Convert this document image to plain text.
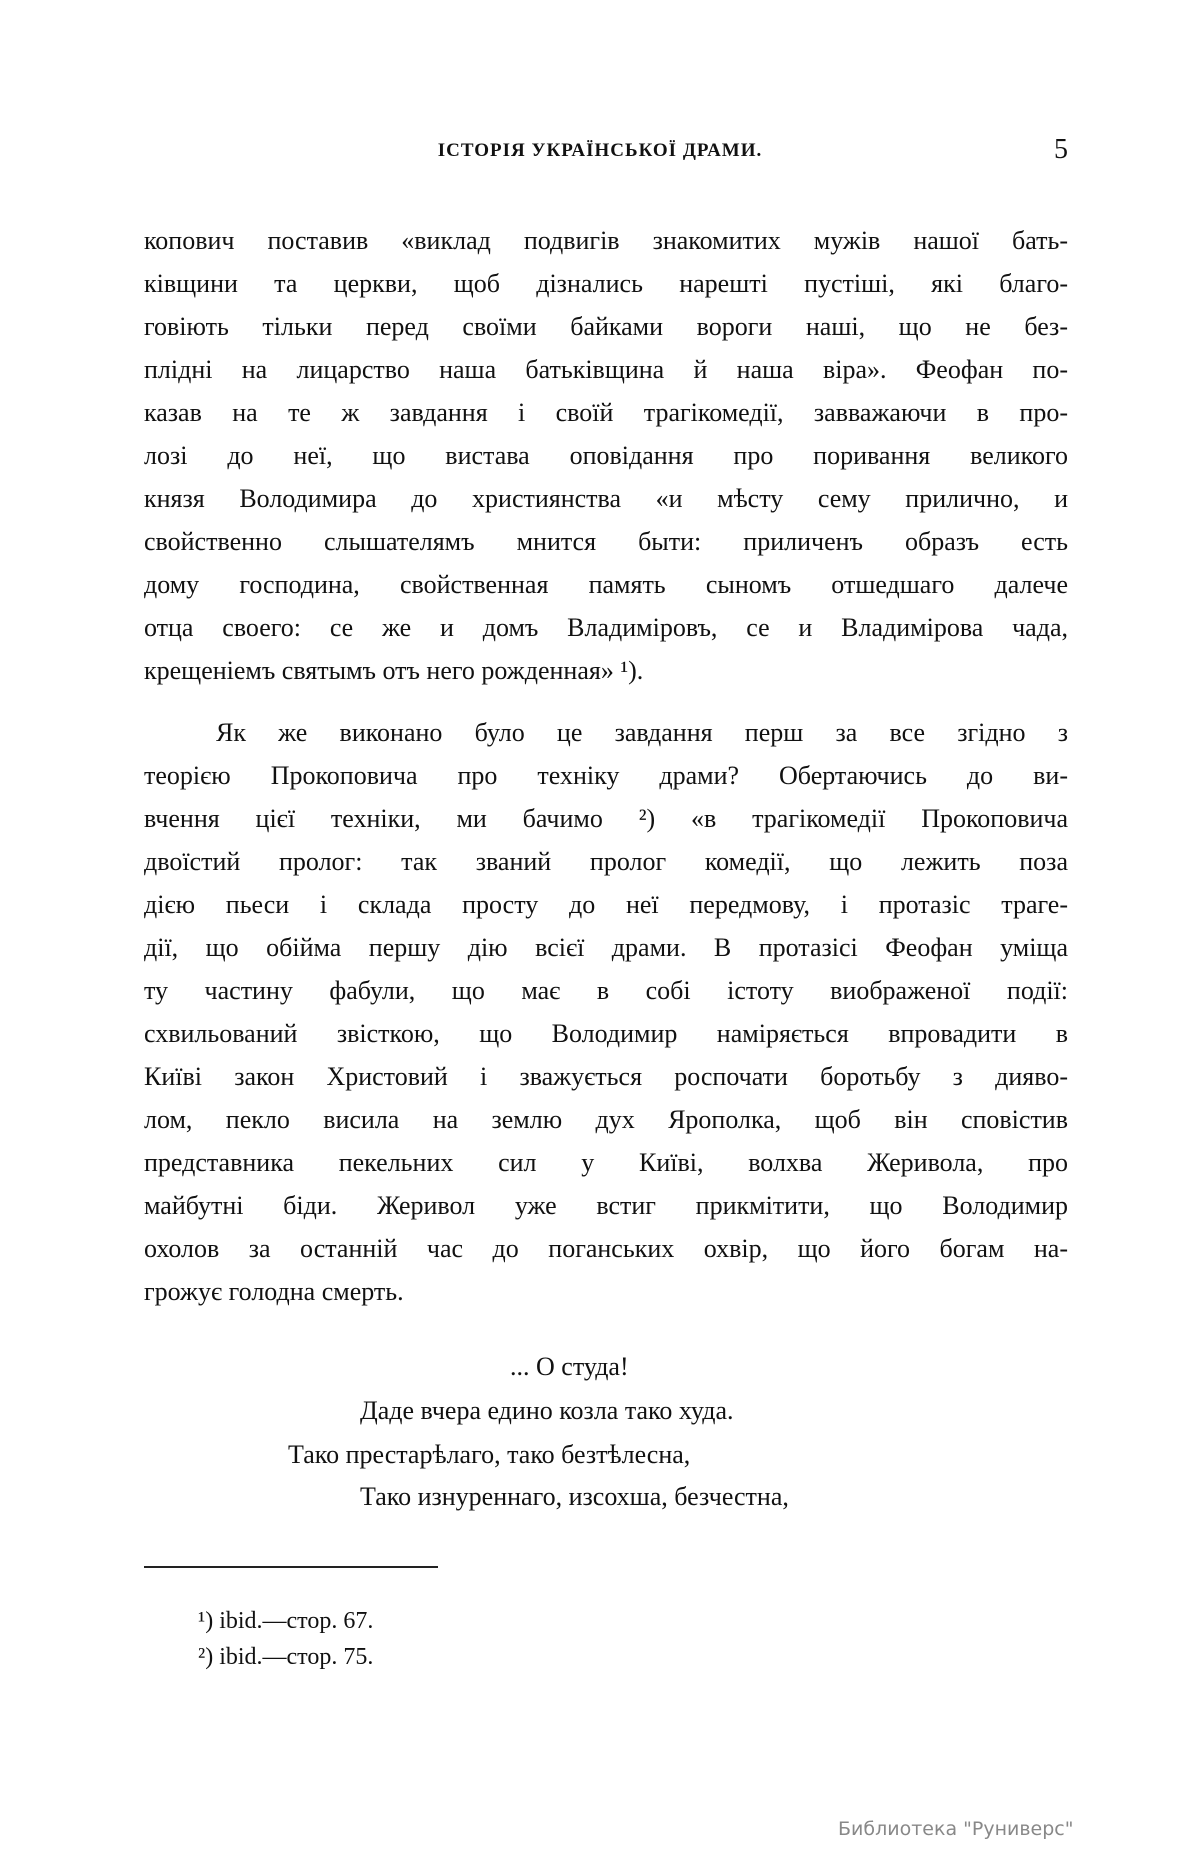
ІСТОРІЯ УКРАЇНСЬКОЇ ДРАМИ.	5
копович поставив «виклад подвигів знакомитих мужів нашої бать-
ківщини та церкви, щоб дізнались нарешті пустіші, які благо-
говіють тільки перед своїми байками вороги наші, що не без-
плідні на лицарство наша батьківщина й наша віра». Феофан по-
казав на те ж завдання і своїй трагікомедії, завважаючи в про-
лозі до неї, що вистава оповідання про поривання великого
князя Володимира до християнства «и мѣсту сему прилично, и
свойственно слышателямъ мнится быти: приличенъ образъ есть
дому господина, свойственная память сыномъ отшедшаго далече
отца своего: се же и домъ Владиміровъ, се и Владимірова чада,
крещеніемъ святымъ отъ него рожденная» ¹).
Як же виконано було це завдання перш за все згідно з
теорією Прокоповича про техніку драми? Обертаючись до ви-
вчення цієї техніки, ми бачимо ²) «в трагікомедії Прокоповича
двоїстий пролог: так званий пролог комедії, що лежить поза
дією пьеси і склада просту до неї передмову, і протазіс траге-
дії, що обійма першу дію всієї драми. В протазісі Феофан уміща
ту частину фабули, що має в собі істоту виображеної події:
схвильований звісткою, що Володимир наміряється впровадити в
Київі закон Христовий і зважується роспочати боротьбу з дияво-
лом, пекло висила на землю дух Ярополка, щоб він сповістив
представника пекельних сил у Київі, волхва Жеривола, про
майбутні біди. Жеривол уже встиг прикмітити, що Володимир
охолов за останній час до поганських охвір, що його богам на-
грожує голодна смерть.
... О студа!
Даде вчера едино козла тако худа.
Тако престарѣлаго, тако безтѣлесна,
Тако изнуреннаго, изсохша, безчестна,
¹) ibid.—стор. 67.
²) ibid.—стор. 75.
Библиотека "Руниверс"
